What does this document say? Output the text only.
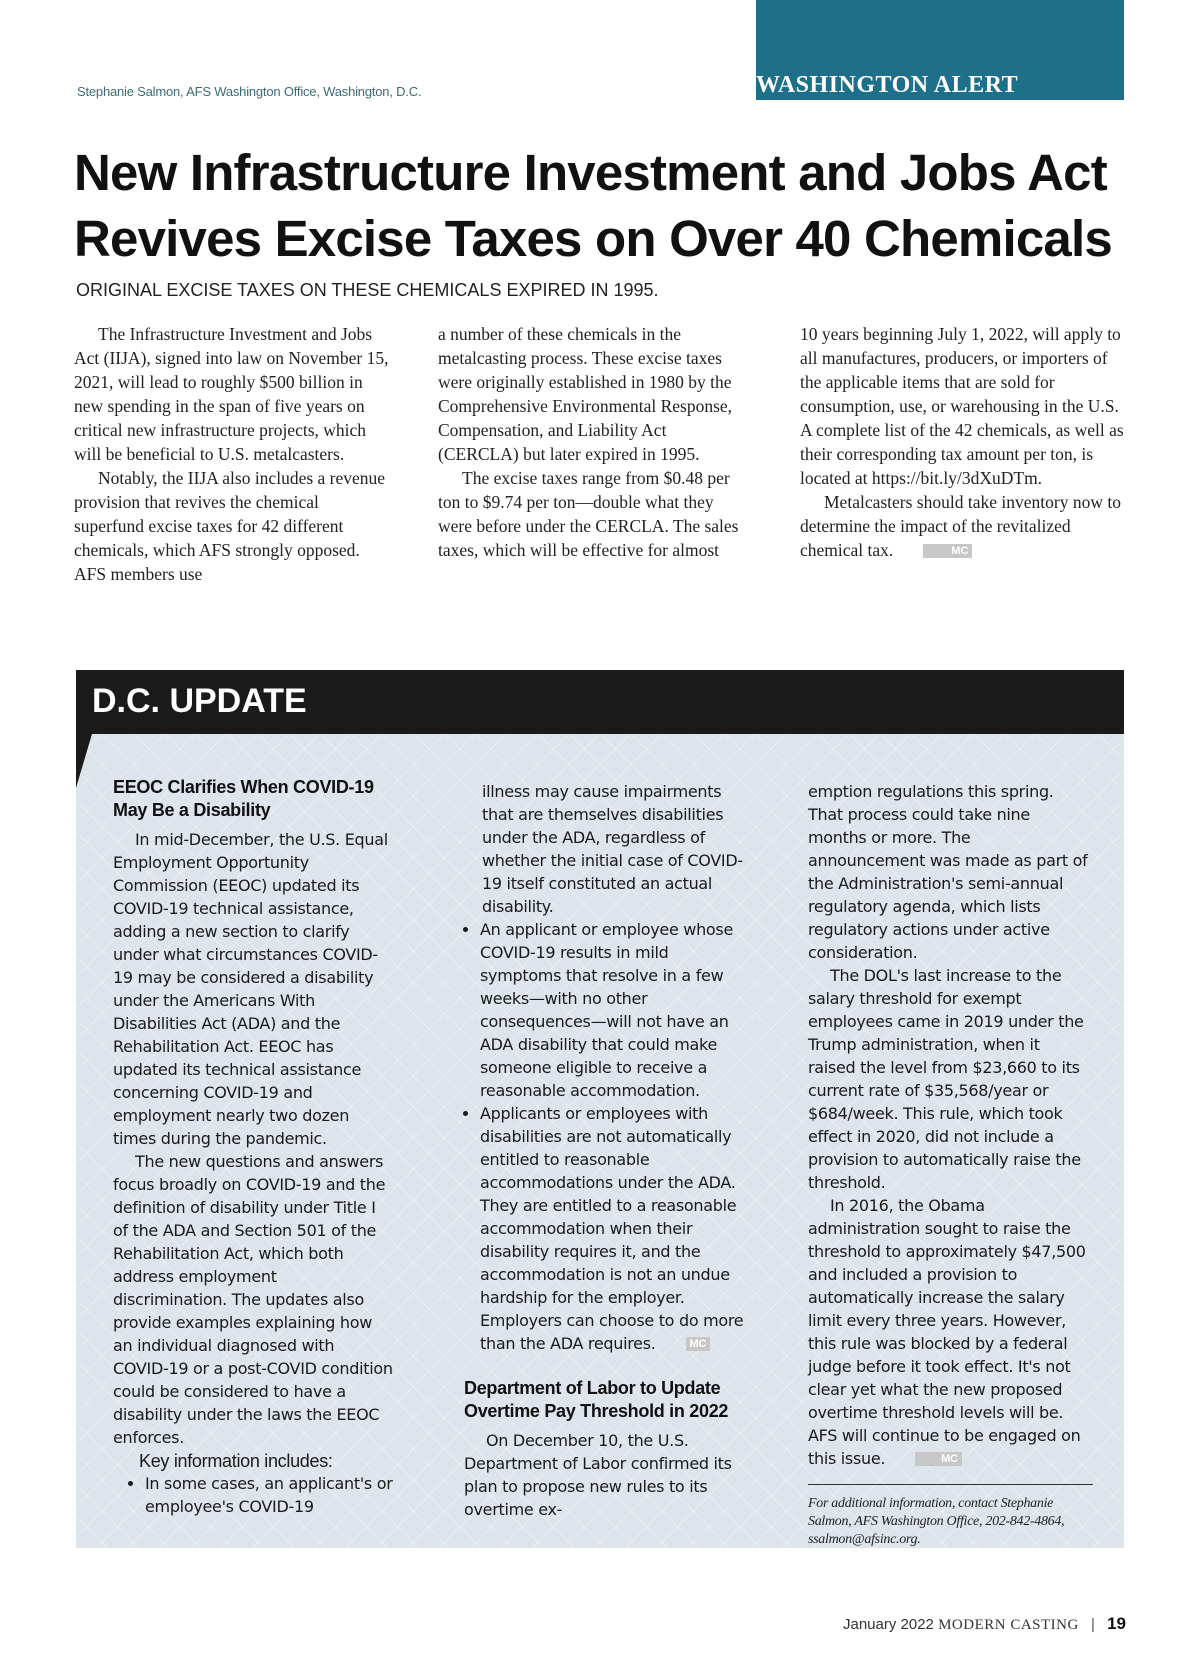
Stephanie Salmon, AFS Washington Office, Washington, D.C.	WASHINGTON ALERT
New Infrastructure Investment and Jobs Act
Revives Excise Taxes on Over 40 Chemicals
ORIGINAL EXCISE TAXES ON THESE CHEMICALS EXPIRED IN 1995.

The Infrastructure Investment and Jobs Act (IIJA), signed into law on November 15, 2021, will lead to roughly $500 billion in new spending in the span of five years on critical new infrastructure projects, which will be beneficial to U.S. metalcasters.

Notably, the IIJA also includes a revenue provision that revives the chemical superfund excise taxes for 42 different chemicals, which AFS strongly opposed. AFS members use

a number of these chemicals in the metalcasting process. These excise taxes were originally established in 1980 by the Comprehensive Environmental Response, Compensation, and Liability Act (CERCLA) but later expired in 1995.

The excise taxes range from $0.48 per ton to $9.74 per ton—double what they were before under the CERCLA. The sales taxes, which will be effective for almost

10 years beginning July 1, 2022, will apply to all manufactures, producers, or importers of the applicable items that are sold for consumption, use, or warehousing in the U.S. A complete list of the 42 chemicals, as well as their corresponding tax amount per ton, is located at https://bit.ly/3dXuDTm.

Metalcasters should take inventory now to determine the impact of the revitalized chemical tax.	MC

D.C. UPDATE
EEOC Clarifies When COVID-19 May Be a Disability

In mid-December, the U.S. Equal Employment Opportunity Commission (EEOC) updated its COVID-19 technical assistance, adding a new section to clarify under what circumstances COVID-19 may be considered a disability under the Americans With Disabilities Act (ADA) and the Rehabilitation Act. EEOC has updated its technical assistance concerning COVID-19 and employment nearly two dozen times during the pandemic.

The new questions and answers focus broadly on COVID-19 and the definition of disability under Title I of the ADA and Section 501 of the Rehabilitation Act, which both address employment discrimination. The updates also provide examples explaining how an individual diagnosed with COVID-19 or a post-COVID condition could be considered to have a disability under the laws the EEOC enforces.

Key information includes:
• In some cases, an applicant's or employee's COVID-19

illness may cause impairments that are themselves disabilities under the ADA, regardless of whether the initial case of COVID-19 itself constituted an actual disability.

• An applicant or employee whose COVID-19 results in mild symptoms that resolve in a few weeks—with no other consequences—will not have an ADA disability that could make someone eligible to receive a reasonable accommodation.
• Applicants or employees with disabilities are not automatically entitled to reasonable accommodations under the ADA. They are entitled to a reasonable accommodation when their disability requires it, and the accommodation is not an undue hardship for the employer. Employers can choose to do more than the ADA requires.	MC
Department of Labor to Update Overtime Pay Threshold in 2022

On December 10, the U.S. Department of Labor confirmed its plan to propose new rules to its overtime ex-

emption regulations this spring. That process could take nine months or more. The announcement was made as part of the Administration's semi-annual regulatory agenda, which lists regulatory actions under active consideration.

The DOL's last increase to the salary threshold for exempt employees came in 2019 under the Trump administration, when it raised the level from $23,660 to its current rate of $35,568/year or $684/week. This rule, which took effect in 2020, did not include a provision to automatically raise the threshold.

In 2016, the Obama administration sought to raise the threshold to approximately $47,500 and included a provision to automatically increase the salary limit every three years. However, this rule was blocked by a federal judge before it took effect. It's not clear yet what the new proposed overtime threshold levels will be. AFS will continue to be engaged on this issue.	MC

For additional information, contact Stephanie Salmon, AFS Washington Office, 202-842-4864, ssalmon@afsinc.org.
January 2022 MODERN CASTING | 19
